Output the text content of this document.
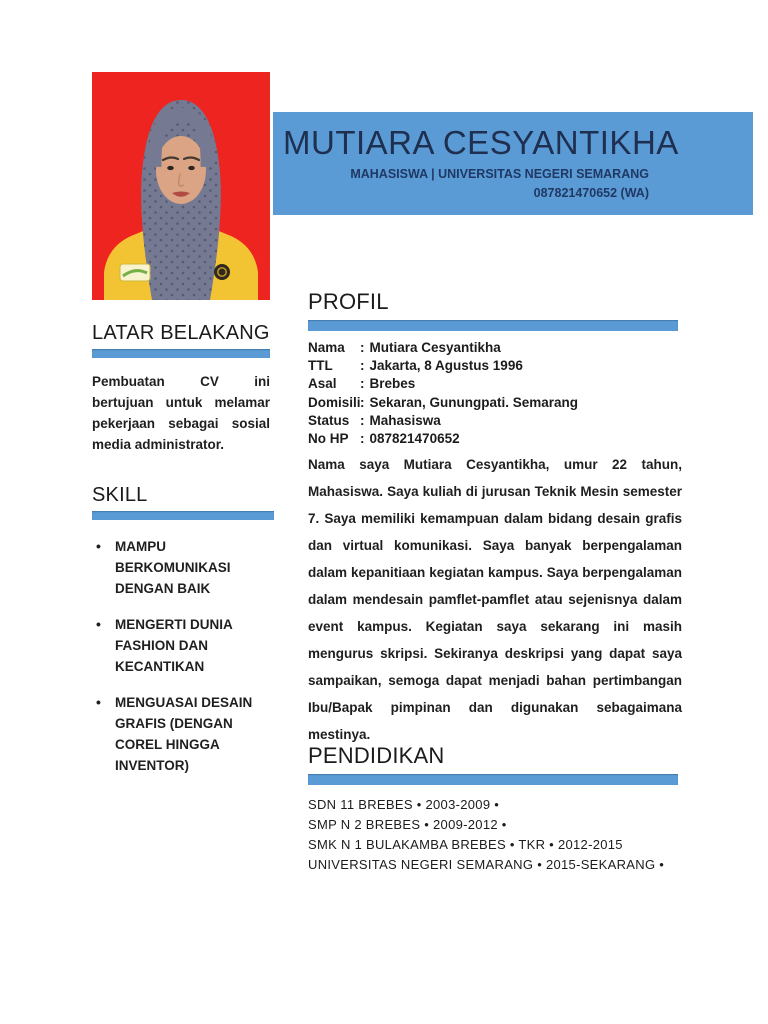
MUTIARA CESYANTIKHA
MAHASISWA | UNIVERSITAS NEGERI SEMARANG
087821470652 (WA)
LATAR BELAKANG

Pembuatan CV ini bertujuan untuk melamar pekerjaan sebagai sosial media administrator.

SKILL
• MAMPU BERKOMUNIKASI DENGAN BAIK
• MENGERTI DUNIA FASHION DAN KECANTIKAN
• MENGUASAI DESAIN GRAFIS (DENGAN COREL HINGGA INVENTOR)
PROFIL
Nama	: Mutiara Cesyantikha
TTL	: Jakarta, 8 Agustus 1996
Asal	: Brebes
Domisili : Sekaran, Gunungpati. Semarang
Status : Mahasiswa
No HP : 087821470652

Nama saya Mutiara Cesyantikha, umur 22 tahun, Mahasiswa. Saya kuliah di jurusan Teknik Mesin semester 7. Saya memiliki kemampuan dalam bidang desain grafis dan virtual komunikasi. Saya banyak berpengalaman dalam kepanitiaan kegiatan kampus. Saya berpengalaman dalam mendesain pamflet-pamflet atau sejenisnya dalam event kampus. Kegiatan saya sekarang ini masih mengurus skripsi. Sekiranya deskripsi yang dapat saya sampaikan, semoga dapat menjadi bahan pertimbangan Ibu/Bapak pimpinan dan digunakan sebagaimana mestinya.

PENDIDIKAN
SDN 11 BREBES • 2003-2009 •
SMP N 2 BREBES • 2009-2012 •
SMK N 1 BULAKAMBA BREBES • TKR • 2012-2015
UNIVERSITAS NEGERI SEMARANG • 2015-SEKARANG •
